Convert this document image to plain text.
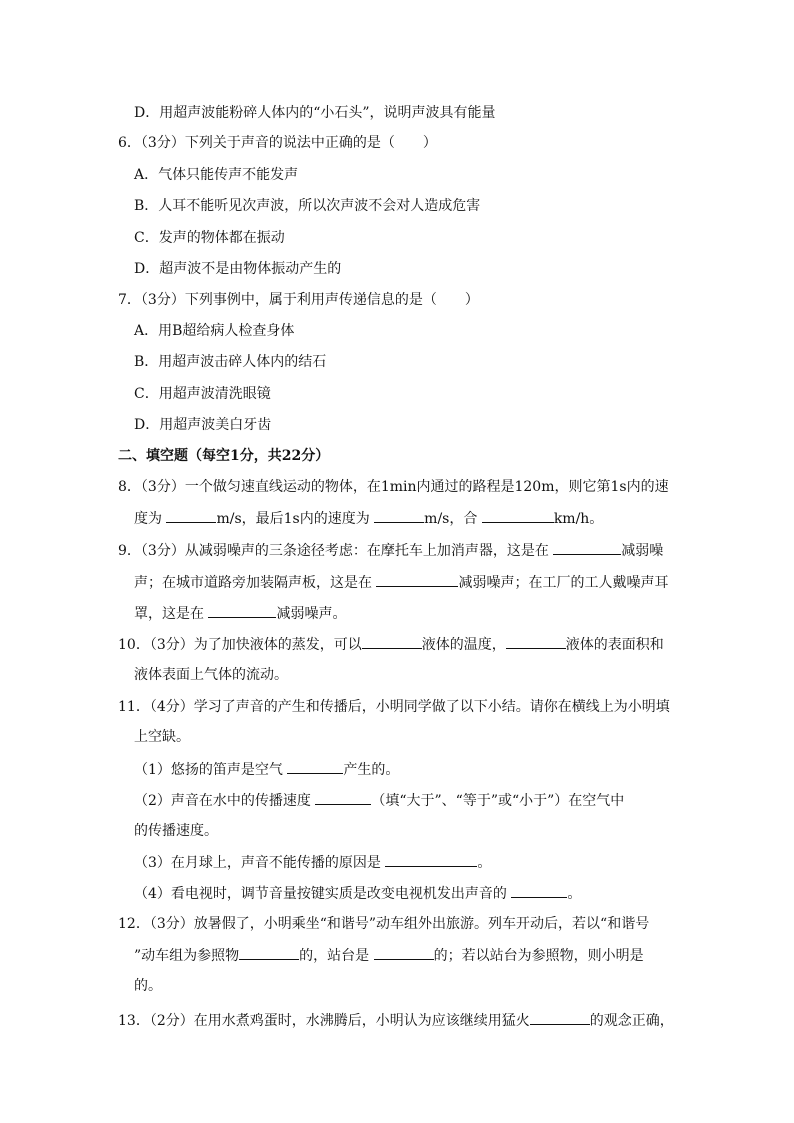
D．用超声波能粉碎人体内的“小石头”，说明声波具有能量
6．（3分）下列关于声音的说法中正确的是（　　）
A．气体只能传声不能发声
B．人耳不能听见次声波，所以次声波不会对人造成危害
C．发声的物体都在振动
D．超声波不是由物体振动产生的
7．（3分）下列事例中，属于利用声传递信息的是（　　）
A．用B超给病人检查身体
B．用超声波击碎人体内的结石
C．用超声波清洗眼镜
D．用超声波美白牙齿
二、填空题（每空1分，共22分）
8．（3分）一个做匀速直线运动的物体，在1min内通过的路程是120m，则它第1s内的速
度为	m/s，最后1s内的速度为	m/s，合	km/h。
9．（3分）从减弱噪声的三条途径考虑：在摩托车上加消声器，这是在	减弱噪
声；在城市道路旁加装隔声板，这是在	减弱噪声；在工厂的工人戴噪声耳
罩，这是在	减弱噪声。
10．（3分）为了加快液体的蒸发，可以	液体的温度，	液体的表面积和
液体表面上气体的流动。
11．（4分）学习了声音的产生和传播后，小明同学做了以下小结。请你在横线上为小明填
上空缺。
（1）悠扬的笛声是空气	产生的。
（2）声音在水中的传播速度	（填“大于”、“等于”或“小于”）在空气中
的传播速度。
（3）在月球上，声音不能传播的原因是	。
（4）看电视时，调节音量按键实质是改变电视机发出声音的	。
12．（3分）放暑假了，小明乘坐“和谐号”动车组外出旅游。列车开动后，若以“和谐号
”动车组为参照物	的，站台是	的；若以站台为参照物，则小明是
的。
13．（2分）在用水煮鸡蛋时，水沸腾后，小明认为应该继续用猛火	的观念正确，
